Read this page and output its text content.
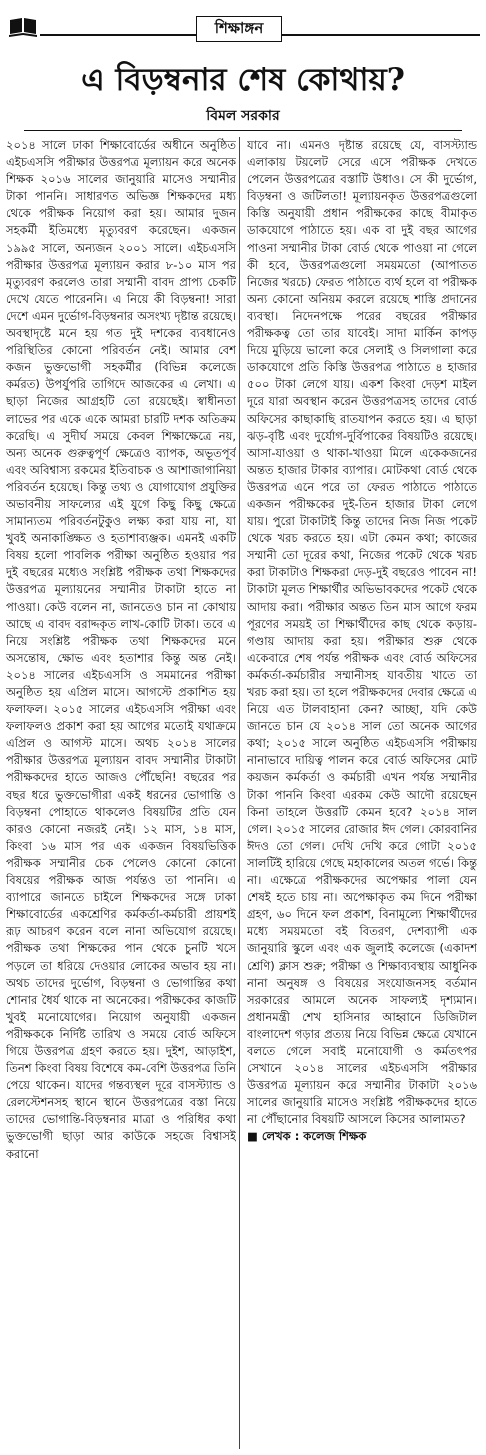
শিক্ষাঙ্গন
এ বিড়ম্বনার শেষ কোথায়?
বিমল সরকার

২০১৪ সালে ঢাকা শিক্ষাবোর্ডের অধীনে অনুষ্ঠিত এইচএসসি পরীক্ষার উত্তরপত্র মূল্যায়ন করে অনেক শিক্ষক ২০১৬ সালের জানুয়ারি মাসেও সম্মানীর টাকা পাননি। সাধারণত অভিজ্ঞ শিক্ষকদের মধ্য থেকে পরীক্ষক নিয়োগ করা হয়। আমার দুজন সহকর্মী ইতিমধ্যে মৃত্যুবরণ করেছেন। একজন ১৯৯৫ সালে, অন্যজন ২০০১ সালে। এইচএসসি পরীক্ষার উত্তরপত্র মূল্যায়ন করার ৮-১০ মাস পর মৃত্যুবরণ করলেও তারা সম্মানী বাবদ প্রাপ্য চেকটি দেখে যেতে পারেননি। এ নিয়ে কী বিড়ম্বনা! সারা দেশে এমন দুর্ভোগ-বিড়ম্বনার অসংখ্য দৃষ্টান্ত রয়েছে। অবস্থাদৃষ্টে মনে হয় গত দুই দশকের ব্যবধানেও পরিস্থিতির কোনো পরিবর্তন নেই। আমার বেশ কজন ভুক্তভোগী সহকর্মীর (বিভিন্ন কলেজে কর্মরত) উপর্যুপরি তাগিদে আজকের এ লেখা। এ ছাড়া নিজের আগ্রহটি তো রয়েছেই। স্বাধীনতা লাভের পর একে একে আমরা চারটি দশক অতিক্রম করেছি। এ সুদীর্ঘ সময়ে কেবল শিক্ষাক্ষেত্রে নয়, অন্য অনেক গুরুত্বপূর্ণ ক্ষেত্রেও ব্যাপক, অভূতপূর্ব এবং অবিশ্বাস্য রকমের ইতিবাচক ও আশাজাগানিয়া পরিবর্তন হয়েছে। কিন্তু তথ্য ও যোগাযোগ প্রযুক্তির অভাবনীয় সাফল্যের এই যুগে কিছু কিছু ক্ষেত্রে সামান্যতম পরিবর্তনটুকুও লক্ষ্য করা যায় না, যা খুবই অনাকাঙ্ক্ষিত ও হতাশাব্যঞ্জক। এমনই একটি বিষয় হলো পাবলিক পরীক্ষা অনুষ্ঠিত হওয়ার পর দুই বছরের মধ্যেও সংশ্লিষ্ট পরীক্ষক তথা শিক্ষকদের উত্তরপত্র মূল্যায়নের সম্মানীর টাকাটা হাতে না পাওয়া। কেউ বলেন না, জানতেও চান না কোথায় আছে এ বাবদ বরাদ্দকৃত লাখ-কোটি টাকা। তবে এ নিয়ে সংশ্লিষ্ট পরীক্ষক তথা শিক্ষকদের মনে অসন্তোষ, ক্ষোভ এবং হতাশার কিন্তু অন্ত নেই। ২০১৪ সালের এইচএসসি ও সমমানের পরীক্ষা অনুষ্ঠিত হয় এপ্রিল মাসে। আগস্টে প্রকাশিত হয় ফলাফল। ২০১৫ সালের এইচএসসি পরীক্ষা এবং ফলাফলও প্রকাশ করা হয় আগের মতোই যথাক্রমে এপ্রিল ও আগস্ট মাসে। অথচ ২০১৪ সালের পরীক্ষার উত্তরপত্র মূল্যায়ন বাবদ সম্মানীর টাকাটা পরীক্ষকদের হাতে আজও পৌঁছেনি! বছরের পর বছর ধরে ভুক্তভোগীরা একই ধরনের ভোগান্তি ও বিড়ম্বনা পোহাতে থাকলেও বিষয়টির প্রতি যেন কারও কোনো নজরই নেই। ১২ মাস, ১৪ মাস, কিংবা ১৬ মাস পর এক একজন বিষয়ভিত্তিক পরীক্ষক সম্মানীর চেক পেলেও কোনো কোনো বিষয়ের পরীক্ষক আজ পর্যন্তও তা পাননি। এ ব্যাপারে জানতে চাইলে শিক্ষকদের সঙ্গে ঢাকা শিক্ষাবোর্ডের একশ্রেণির কর্মকর্তা-কর্মচারী প্রায়শই রূঢ় আচরণ করেন বলে নানা অভিযোগ রয়েছে। পরীক্ষক তথা শিক্ষকের পান থেকে চুনটি খসে পড়লে তা ধরিয়ে দেওয়ার লোকের অভাব হয় না। অথচ তাদের দুর্ভোগ, বিড়ম্বনা ও ভোগান্তির কথা শোনার ধৈর্য থাকে না অনেকের। পরীক্ষকের কাজটি খুবই মনোযোগের। নিয়োগ অনুযায়ী একজন পরীক্ষককে নির্দিষ্ট তারিখ ও সময়ে বোর্ড অফিসে গিয়ে উত্তরপত্র গ্রহণ করতে হয়। দুইশ, আড়াইশ, তিনশ কিংবা বিষয় বিশেষে কম-বেশি উত্তরপত্র তিনি পেয়ে থাকেন। যাদের গন্তব্যস্থল দূরে বাসস্ট্যান্ড ও রেলস্টেশনসহ স্থানে স্থানে উত্তরপত্রের বস্তা নিয়ে তাদের ভোগান্তি-বিড়ম্বনার মাত্রা ও পরিধির কথা ভুক্তভোগী ছাড়া আর কাউকে সহজে বিশ্বাসই করানো

যাবে না। এমনও দৃষ্টান্ত রয়েছে যে, বাসস্ট্যান্ড এলাকায় টয়লেট সেরে এসে পরীক্ষক দেখতে পেলেন উত্তরপত্রের বস্তাটি উধাও। সে কী দুর্ভোগ, বিড়ম্বনা ও জটিলতা! মূল্যায়নকৃত উত্তরপত্রগুলো কিস্তি অনুযায়ী প্রধান পরীক্ষকের কাছে বীমাকৃত ডাকযোগে পাঠাতে হয়। এক বা দুই বছর আগের পাওনা সম্মানীর টাকা বোর্ড থেকে পাওয়া না গেলে কী হবে, উত্তরপত্রগুলো সময়মতো (আপাতত নিজের খরচে) ফেরত পাঠাতে ব্যর্থ হলে বা পরীক্ষক অন্য কোনো অনিয়ম করলে রয়েছে শাস্তি প্রদানের ব্যবস্থা। নিদেনপক্ষে পরের বছরের পরীক্ষার পরীক্ষকত্ব তো তার যাবেই। সাদা মার্কিন কাপড় দিয়ে মুড়িয়ে ভালো করে সেলাই ও সিলগালা করে ডাকযোগে প্রতি কিস্তি উত্তরপত্র পাঠাতে ৪ হাজার ৫০০ টাকা লেগে যায়। একশ কিংবা দেড়শ মাইল দূরে যারা অবস্থান করেন উত্তরপত্রসহ তাদের বোর্ড অফিসের কাছাকাছি রাতযাপন করতে হয়। এ ছাড়া ঝড়-বৃষ্টি এবং দুর্যোগ-দুর্বিপাকের বিষয়টিও রয়েছে। আসা-যাওয়া ও থাকা-খাওয়া মিলে একেকজনের অন্তত হাজার টাকার ব্যাপার। মোটকথা বোর্ড থেকে উত্তরপত্র এনে পরে তা ফেরত পাঠাতে পাঠাতে একজন পরীক্ষকের দুই-তিন হাজার টাকা লেগে যায়। পুরো টাকাটাই কিন্তু তাদের নিজ নিজ পকেট থেকে খরচ করতে হয়। এটা কেমন কথা; কাজের সম্মানী তো দূরের কথা, নিজের পকেট থেকে খরচ করা টাকাটাও শিক্ষকরা দেড়-দুই বছরেও পাবেন না! টাকাটা মূলত শিক্ষার্থীর অভিভাবকদের পকেট থেকে আদায় করা। পরীক্ষার অন্তত তিন মাস আগে ফরম পূরণের সময়ই তা শিক্ষার্থীদের কাছ থেকে কড়ায়-গণ্ডায় আদায় করা হয়। পরীক্ষার শুরু থেকে একেবারে শেষ পর্যন্ত পরীক্ষক এবং বোর্ড অফিসের কর্মকর্তা-কর্মচারীর সম্মানীসহ যাবতীয় খাতে তা খরচ করা হয়। তা হলে পরীক্ষকদের দেবার ক্ষেত্রে এ নিয়ে এত টালবাহানা কেন? আচ্ছা, যদি কেউ জানতে চান যে ২০১৪ সাল তো অনেক আগের কথা; ২০১৫ সালে অনুষ্ঠিত এইচএসসি পরীক্ষায় নানাভাবে দায়িত্ব পালন করে বোর্ড অফিসের মোট কয়জন কর্মকর্তা ও কর্মচারী এখন পর্যন্ত সম্মানীর টাকা পাননি কিংবা এরকম কেউ আদৌ রয়েছেন কিনা তাহলে উত্তরটি কেমন হবে? ২০১৪ সাল গেল। ২০১৫ সালের রোজার ঈদ গেল। কোরবানির ঈদও তো গেল। দেখি দেখি করে গোটা ২০১৫ সালটিই হারিয়ে গেছে মহাকালের অতল গর্ভে। কিন্তু না। এক্ষেত্রে পরীক্ষকদের অপেক্ষার পালা যেন শেষই হতে চায় না। অপেক্ষাকৃত কম দিনে পরীক্ষা গ্রহণ, ৬০ দিনে ফল প্রকাশ, বিনামূল্যে শিক্ষার্থীদের মধ্যে সময়মতো বই বিতরণ, দেশব্যাপী এক জানুয়ারি স্কুলে এবং এক জুলাই কলেজে (একাদশ শ্রেণি) ক্লাস শুরু; পরীক্ষা ও শিক্ষাব্যবস্থায় আধুনিক নানা অনুষঙ্গ ও বিষয়ের সংযোজনসহ বর্তমান সরকারের আমলে অনেক সাফল্যই দৃশ্যমান। প্রধানমন্ত্রী শেখ হাসিনার আহ্বানে ডিজিটাল বাংলাদেশ গড়ার প্রত্যয় নিয়ে বিভিন্ন ক্ষেত্রে যেখানে বলতে গেলে সবাই মনোযোগী ও কর্মতৎপর সেখানে ২০১৪ সালের এইচএসসি পরীক্ষার উত্তরপত্র মূল্যায়ন করে সম্মানীর টাকাটা ২০১৬ সালের জানুয়ারি মাসেও সংশ্লিষ্ট পরীক্ষকদের হাতে না পৌঁছানোর বিষয়টি আসলে কিসের আলামত?
■ লেখক : কলেজ শিক্ষক
